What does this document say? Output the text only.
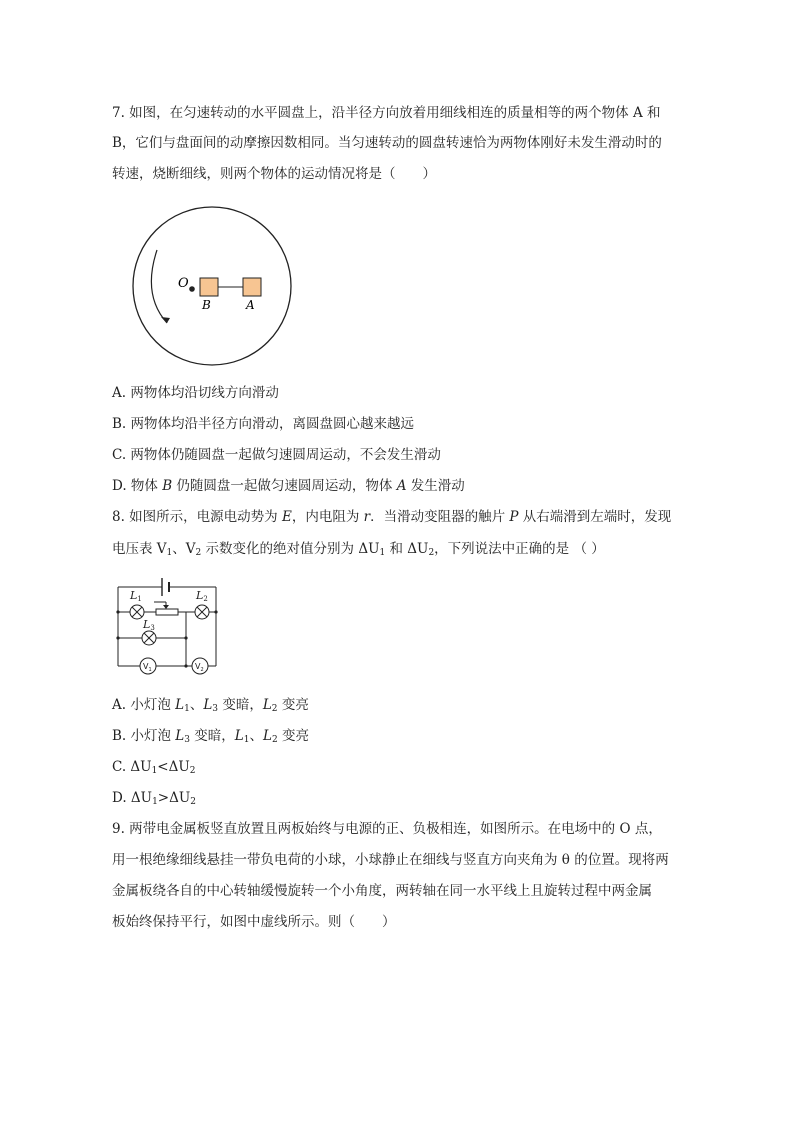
7. 如图，在匀速转动的水平圆盘上，沿半径方向放着用细线相连的质量相等的两个物体 A 和
B，它们与盘面间的动摩擦因数相同。当匀速转动的圆盘转速恰为两物体刚好未发生滑动时的
转速，烧断细线，则两个物体的运动情况将是（　　）
O
B	A
A. 两物体均沿切线方向滑动
B. 两物体均沿半径方向滑动，离圆盘圆心越来越远
C. 两物体仍随圆盘一起做匀速圆周运动，不会发生滑动
D. 物体 B 仍随圆盘一起做匀速圆周运动，物体 A 发生滑动
8. 如图所示，电源电动势为 E，内电阻为 r．当滑动变阻器的触片 P 从右端滑到左端时，发现
电压表 $V_1$、$V_2$ 示数变化的绝对值分别为 $\Delta U_1$ 和 $\Delta U_2$，下列说法中正确的是 （ ）
L1	L2
L3
$V_1$	$V_2$
A. 小灯泡 $L_1$、$L_3$ 变暗，$L_2$ 变亮
B. 小灯泡 $L_3$ 变暗，$L_1$、$L_2$ 变亮
C. $\Delta U_1<\Delta U_2$
D. $\Delta U_1>\Delta U_2$
9. 两带电金属板竖直放置且两板始终与电源的正、负极相连，如图所示。在电场中的 O 点，
用一根绝缘细线悬挂一带负电荷的小球，小球静止在细线与竖直方向夹角为 θ 的位置。现将两
金属板绕各自的中心转轴缓慢旋转一个小角度，两转轴在同一水平线上且旋转过程中两金属
板始终保持平行，如图中虚线所示。则（　　）
